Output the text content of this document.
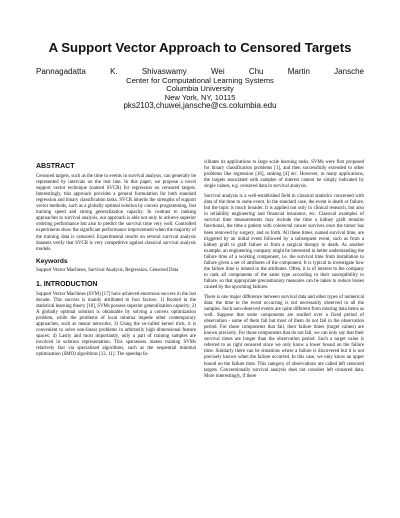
A Support Vector Approach to Censored Targets
Pannagadatta K. Shivaswamy Wei Chu Martin Jansche
Center for Computational Learning Systems
Columbia University
New York, NY, 10115
pks2103,chuwei,jansche@cs.columbia.edu
ABSTRACT

Censored targets, such as the time to events in survival analysis, can generally be represented by intervals on the real line. In this paper, we propose a novel support vector technique (named SVCR) for regression on censored targets. Interestingly, this approach provides a general formulation for both standard regression and binary classification tasks. SVCR inherits the strengths of support vector methods, such as a globally optimal solution by convex programming, fast training speed and strong generalization capacity. In contrast to ranking approaches to survival analysis, our approach is able not only to achieve superior ordering performance but also to predict the survival time very well. Controlled experiments show the significant performance improvement when the majority of the training data is censored. Experimental results on several survival analysis datasets verify that SVCR is very competitive against classical survival analysis models.

Keywords

Support Vector Machines, Survival Analysis, Regression, Censored Data

1. INTRODUCTION

Support Vector Machines (SVM) [17] have achieved enormous success in the last decade. This success is mainly attributed to four factors: 1) Rooted in the statistical learning theory [18], SVMs possess superior generalization capacity; 2) A globally optimal solution is obtainable by solving a convex optimization problem, while the problems of local minima impede other contemporary approaches, such as neural networks; 3) Using the so-called kernel trick, it is convenient to solve non-linear problems in arbitrarily high dimensional feature spaces; 4) Lastly and most importantly, only a part of training samples are involved in solution representation. This sparseness makes training SVMs relatively fast via specialized algorithms, such as the sequential minimal optimization (SMO) algorithms [12, 11]. The speedup fa-

cilitates its applications to large scale learning tasks. SVMs were first proposed for binary classification problems [1], and then successfully extended to other problems like regression [16], ranking [4] etc. However, in many applications, the targets associated with samples of interest cannot be simply indicated by single values, e.g. censored data in survival analysis.

Survival analysis is a well-established field in classical statistics concerned with data of the time to some event. In the standard case, the event is death or failure, but the topic is much broader. It is applied not only in clinical research, but also in reliability engineering and financial insurance, etc. Classical examples of survival time measurements may include the time a kidney graft remains functional, the time a patient with colorectal cancer survives once the tumor has been removed by surgery, and so forth. All these times, named survival time, are triggered by an initial event followed by a subsequent event, such as from a kidney graft to graft failure or from a surgical therapy to death. As another example, an engineering company might be interested in better understanding the failure time of a working component, i.e. the survival time from installation to failure given a set of attributes of the component. It is typical to investigate how the failure time is related to the attributes. Often, it is of interest to the company to rank all components of the same type according to their susceptibility to failure, so that appropriate precautionary measures can be taken to reduce losses caused by the upcoming failures.

There is one major difference between survival data and other types of numerical data: the time to the event occurring is not necessarily observed in all the samples. Such non-observed events are quite different from missing data items as well. Suppose that some components are studied over a fixed period of observation - some of them fail but most of them do not fail in the observation period. For those components that fail, their failure times (target values) are known precisely. For those components that do not fail, we can only say that their survival times are longer than the observation period. Such a target value is referred to as right censored since we only know a lower bound on the failure time. Similarly there can be situations where a failure is discovered but it is not precisely known when the failure occurred. In this case, we only know an upper bound on the failure time. This category of observations are called left censored targets. Conventionally survival analysis does not consider left censored data. More interestingly, if there
